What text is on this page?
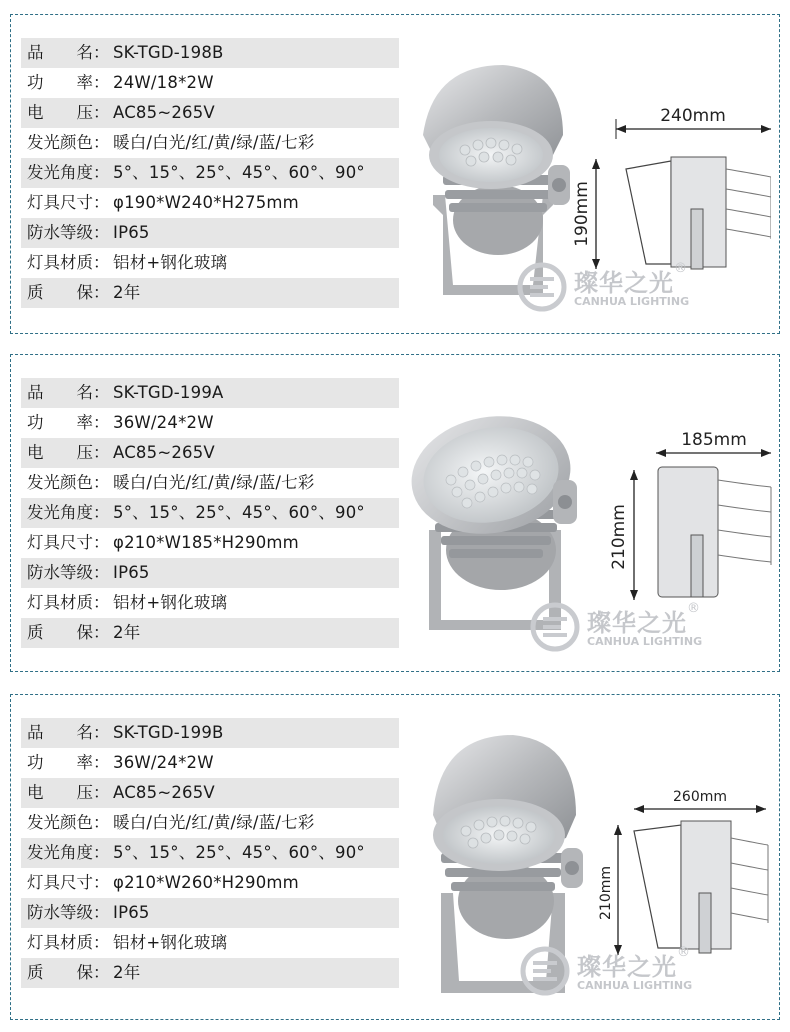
品　　名： SK-TGD-198B
功　　率： 24W/18*2W
电　　压： AC85~265V
发光颜色： 暖白/白光/红/黄/绿/蓝/七彩
发光角度： 5°、15°、25°、45°、60°、90°
灯具尺寸： φ190*W240*H275mm
防水等级： IP65
灯具材质： 铝材+钢化玻璃
质　　保： 2年
240mm
190mm
璨华之光
®
CANHUA LIGHTING
品　　名： SK-TGD-199A
功　　率： 36W/24*2W
电　　压： AC85~265V
发光颜色： 暖白/白光/红/黄/绿/蓝/七彩
发光角度： 5°、15°、25°、45°、60°、90°
灯具尺寸： φ210*W185*H290mm
防水等级： IP65
灯具材质： 铝材+钢化玻璃
质　　保： 2年
185mm
210mm
璨华之光
®
CANHUA LIGHTING
品　　名： SK-TGD-199B
功　　率： 36W/24*2W
电　　压： AC85~265V
发光颜色： 暖白/白光/红/黄/绿/蓝/七彩
发光角度： 5°、15°、25°、45°、60°、90°
灯具尺寸： φ210*W260*H290mm
防水等级： IP65
灯具材质： 铝材+钢化玻璃
质　　保： 2年
260mm
210mm
璨华之光
®
CANHUA LIGHTING
